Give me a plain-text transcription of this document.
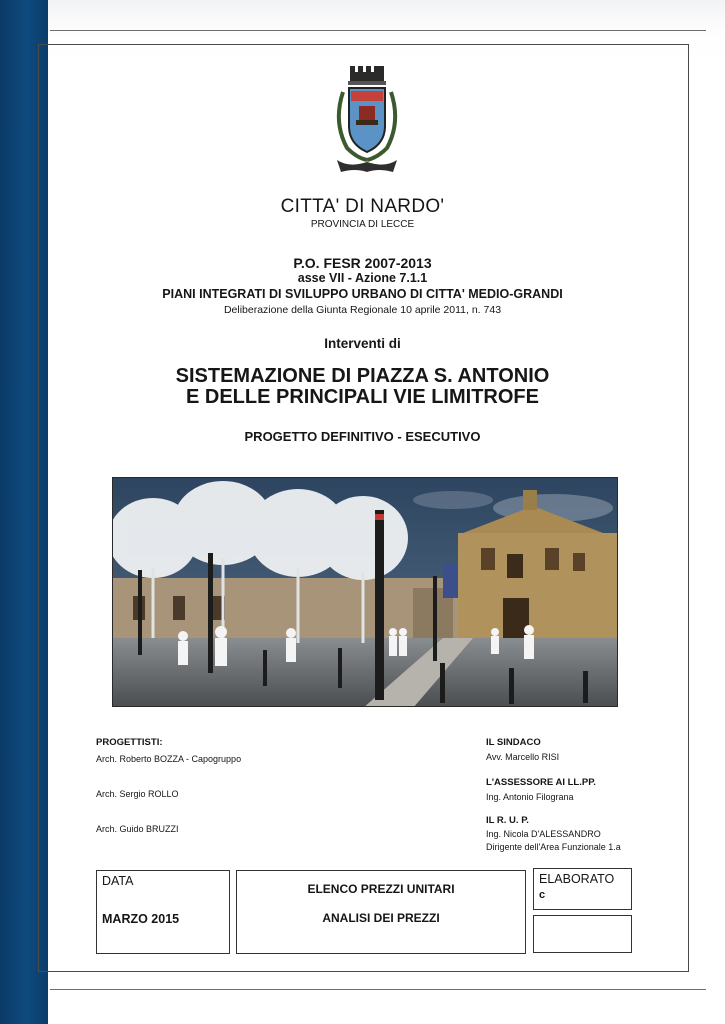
CITTA' DI NARDO'
PROVINCIA DI LECCE
P.O. FESR 2007-2013
asse VII - Azione 7.1.1
PIANI INTEGRATI DI SVILUPPO URBANO DI CITTA' MEDIO-GRANDI
Deliberazione della Giunta Regionale 10 aprile 2011, n. 743
Interventi di
SISTEMAZIONE DI PIAZZA S. ANTONIO
E DELLE PRINCIPALI VIE LIMITROFE
PROGETTO DEFINITIVO - ESECUTIVO
PROGETTISTI:
Arch. Roberto BOZZA - Capogruppo
Arch. Sergio ROLLO
Arch. Guido BRUZZI
IL SINDACO
Avv. Marcello RISI
L'ASSESSORE AI LL.PP.
Ing. Antonio Filograna
IL R. U. P.
Ing. Nicola D'ALESSANDRO
Dirigente dell'Area Funzionale 1.a
DATA
MARZO 2015
ELENCO PREZZI UNITARI
ANALISI DEI PREZZI
ELABORATO
c
